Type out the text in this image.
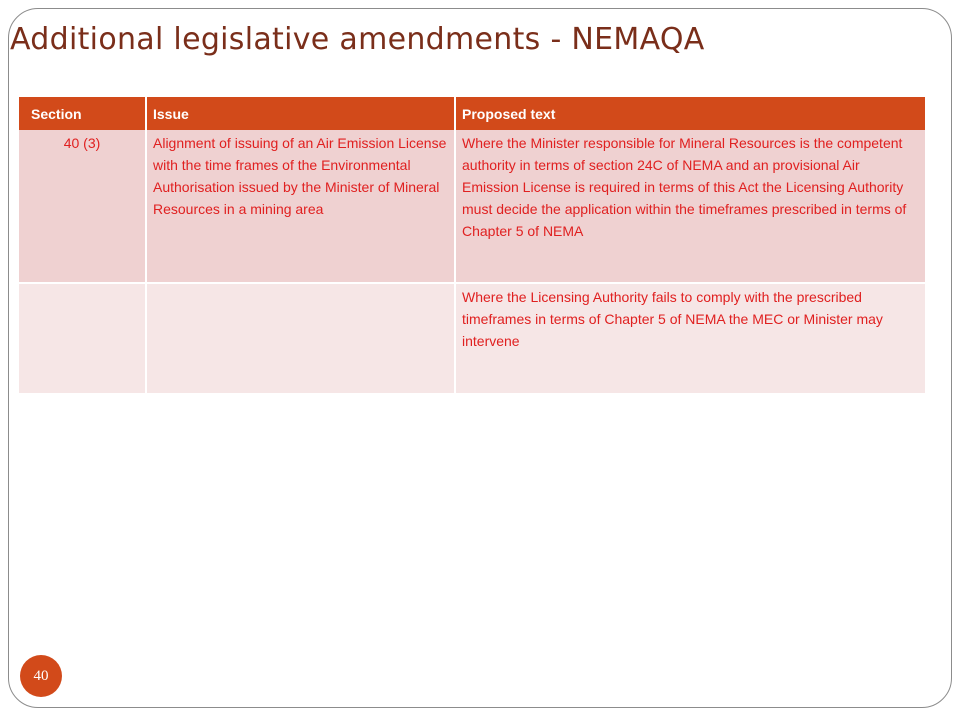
Additional legislative amendments - NEMAQA
Section	Issue	Proposed text
40 (3)	Alignment of issuing of an Air Emission License with the time frames of the Environmental Authorisation issued by the Minister of Mineral Resources in a mining area	Where the Minister responsible for Mineral Resources is the competent authority in terms of section 24C of NEMA and an provisional Air Emission License is required in terms of this Act the Licensing Authority must decide the application within the timeframes prescribed in terms of Chapter 5 of NEMA
		Where the Licensing Authority fails to comply with the prescribed timeframes in terms of Chapter 5 of NEMA the MEC or Minister may intervene
40
